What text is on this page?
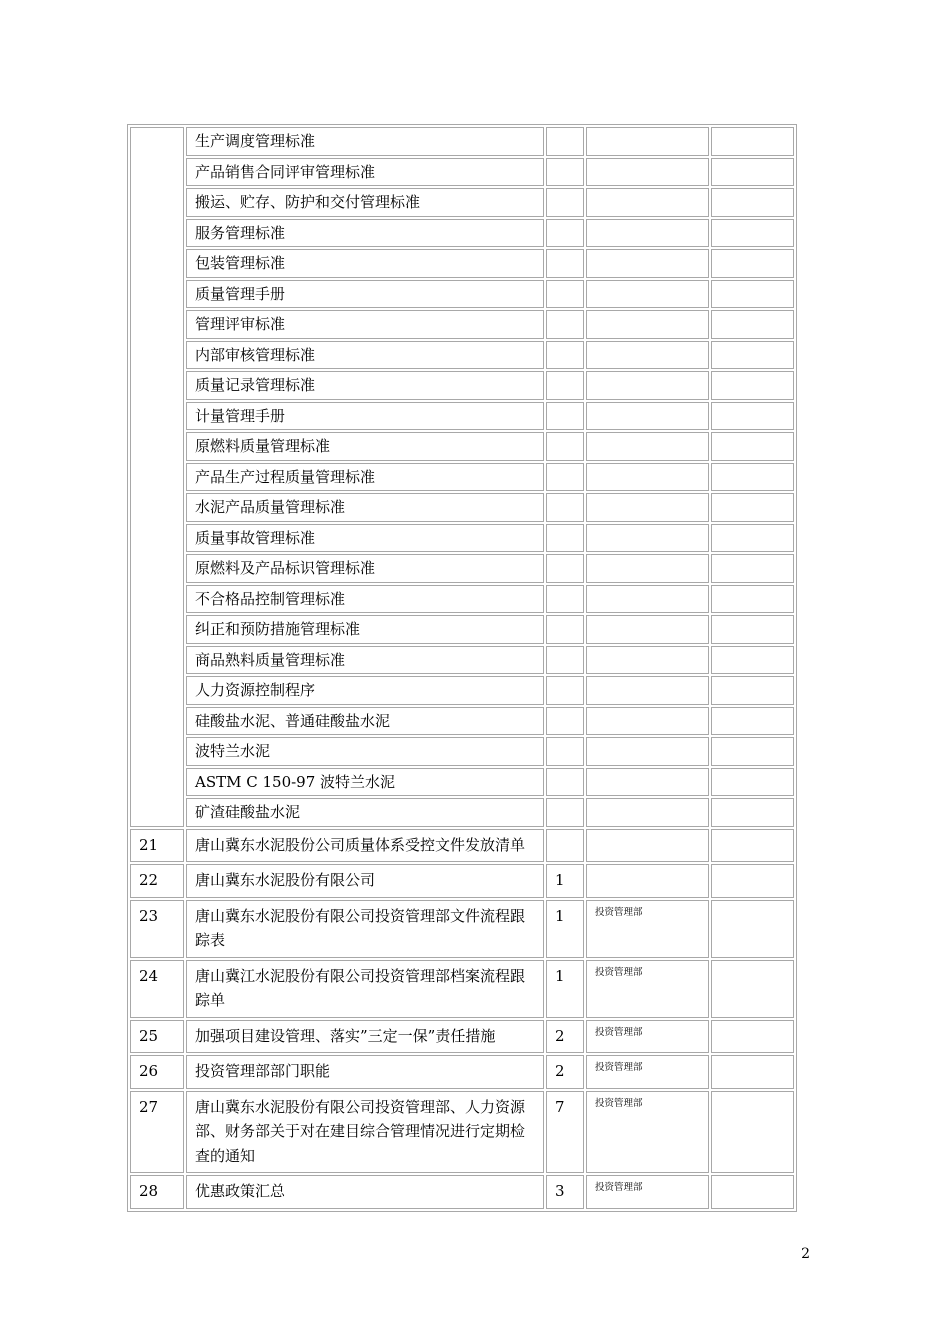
	生产调度管理标准			
	产品销售合同评审管理标准			
	搬运、贮存、防护和交付管理标准			
	服务管理标准			
	包装管理标准			
	质量管理手册			
	管理评审标准			
	内部审核管理标准			
	质量记录管理标准			
	计量管理手册			
	原燃料质量管理标准			
	产品生产过程质量管理标准			
	水泥产品质量管理标准			
	质量事故管理标准			
	原燃料及产品标识管理标准			
	不合格品控制管理标准			
	纠正和预防措施管理标准			
	商品熟料质量管理标准			
	人力资源控制程序			
	硅酸盐水泥、普通硅酸盐水泥			
	波特兰水泥			
	ASTM C 150-97 波特兰水泥			
	矿渣硅酸盐水泥			
21	唐山冀东水泥股份公司质量体系受控文件发放清单			
22	唐山冀东水泥股份有限公司	1		
23	唐山冀东水泥股份有限公司投资管理部文件流程跟踪表	1	投资管理部	
24	唐山冀江水泥股份有限公司投资管理部档案流程跟踪单	1	投资管理部	
25	加强项目建设管理、落实”三定一保”责任措施	2	投资管理部	
26	投资管理部部门职能	2	投资管理部	
27	唐山冀东水泥股份有限公司投资管理部、人力资源部、财务部关于对在建目综合管理情况进行定期检查的通知	7	投资管理部	
28	优惠政策汇总	3	投资管理部	
2
